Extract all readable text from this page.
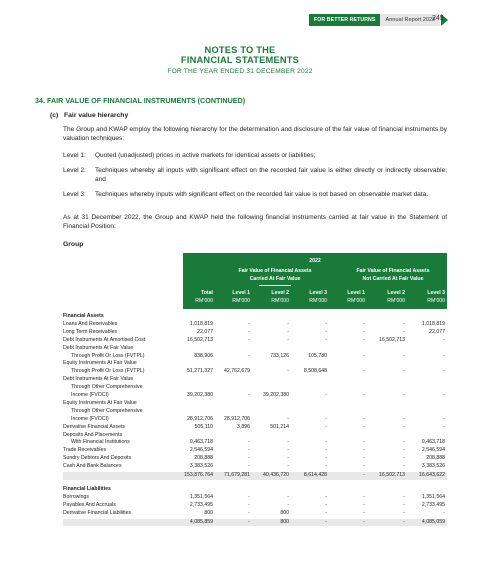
FOR BETTER RETURNS	Annual Report 2022
245
NOTES TO THE
FINANCIAL STATEMENTS
FOR THE YEAR ENDED 31 DECEMBER 2022
34. FAIR VALUE OF FINANCIAL INSTRUMENTS (CONTINUED)
(c) Fair value hierarchy
The Group and KWAP employ the following hierarchy for the determination and disclosure of the fair value of financial instruments by valuation techniques:
Level 1:	Quoted (unadjusted) prices in active markets for identical assets or liabilities;
Level 2:	Techniques whereby all inputs with significant effect on the recorded fair value is either directly or indirectly observable; and
Level 3:	Techniques whereby inputs with significant effect on the recorded fair value is not based on observable market data.
As at 31 December 2022, the Group and KWAP held the following financial instruments carried at fair value in the Statement of Financial Position:
Group
2022
Fair Value of Financial Assets
Carried At Fair Value
Fair Value of Financial Assets
Not Carried At Fair Value
Total	Level 1	Level 2	Level 3	Level 1	Level 2	Level 3
RM'000	RM'000	RM'000	RM'000	RM'000	RM'000	RM'000
Financial Assets
Loans And Receivables	1,018,819	-	-	-	-	-	1,018,819
Long Term Receivables	22,077	-	-	-	-	-	22,077
Debt Instruments At Amortised Cost	16,502,713	-	-	-	-	16,502,713	-
Debt Instruments At Fair Value
Through Profit Or Loss (FVTPL)	838,906	-	733,126	105,780	-	-	-
Equity Instruments At Fair Value
Through Profit Or Loss (FVTPL)	51,271,327	42,762,679	-	8,508,648	-	-	-
Debt Instruments At Fair Value
Through Other Comprehensive
Income (FVOCI)	39,202,380	-	39,202,380	-	-	-	-
Equity Instruments At Fair Value
Through Other Comprehensive
Income (FVOCI)	28,912,706	28,912,706	-	-	-	-	-
Derivative Financial Assets	505,110	3,896	501,214	-	-	-	-
Deposits And Placements
With Financial Institutions	9,463,718	-	-	-	-	-	9,463,718
Trade Receivables	2,546,594	-	-	-	-	-	2,546,594
Sundry Debtors And Deposits	208,888	-	-	-	-	-	208,888
Cash And Bank Balances	3,383,526	-	-	-	-	-	3,383,526
153,876,764	71,679,281	40,436,720	8,614,428	-	16,502,713	16,643,622
Financial Liabilities
Borrowings	1,351,564	-	-	-	-	-	1,351,564
Payables And Accruals	2,733,495	-	-	-	-	-	2,733,495
Derivative Financial Liabilities	800	-	800	-	-	-	-
4,085,859	-	800	-	-	-	4,085,059
